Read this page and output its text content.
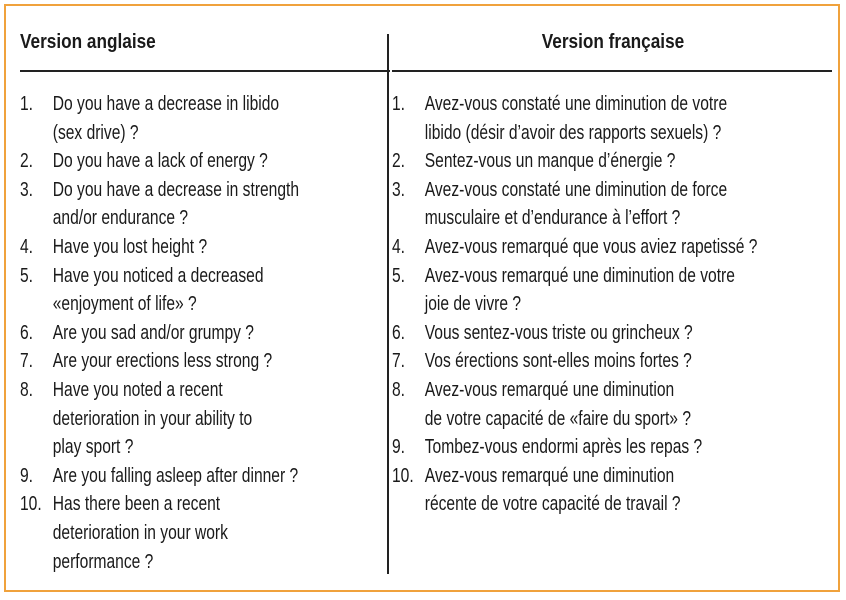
Version anglaise	Version française
1. Do you have a decrease in libido
(sex drive) ?
2. Do you have a lack of energy ?
3. Do you have a decrease in strength
and/or endurance ?
4. Have you lost height ?
5. Have you noticed a decreased
«enjoyment of life» ?
6. Are you sad and/or grumpy ?
7. Are your erections less strong ?
8. Have you noted a recent
deterioration in your ability to
play sport ?
9. Are you falling asleep after dinner ?
10. Has there been a recent
deterioration in your work
performance ?
1. Avez-vous constaté une diminution de votre
libido (désir d’avoir des rapports sexuels) ?
2. Sentez-vous un manque d’énergie ?
3. Avez-vous constaté une diminution de force
musculaire et d’endurance à l’effort ?
4. Avez-vous remarqué que vous aviez rapetissé ?
5. Avez-vous remarqué une diminution de votre
joie de vivre ?
6. Vous sentez-vous triste ou grincheux ?
7. Vos érections sont-elles moins fortes ?
8. Avez-vous remarqué une diminution
de votre capacité de «faire du sport» ?
9. Tombez-vous endormi après les repas ?
10. Avez-vous remarqué une diminution
récente de votre capacité de travail ?
